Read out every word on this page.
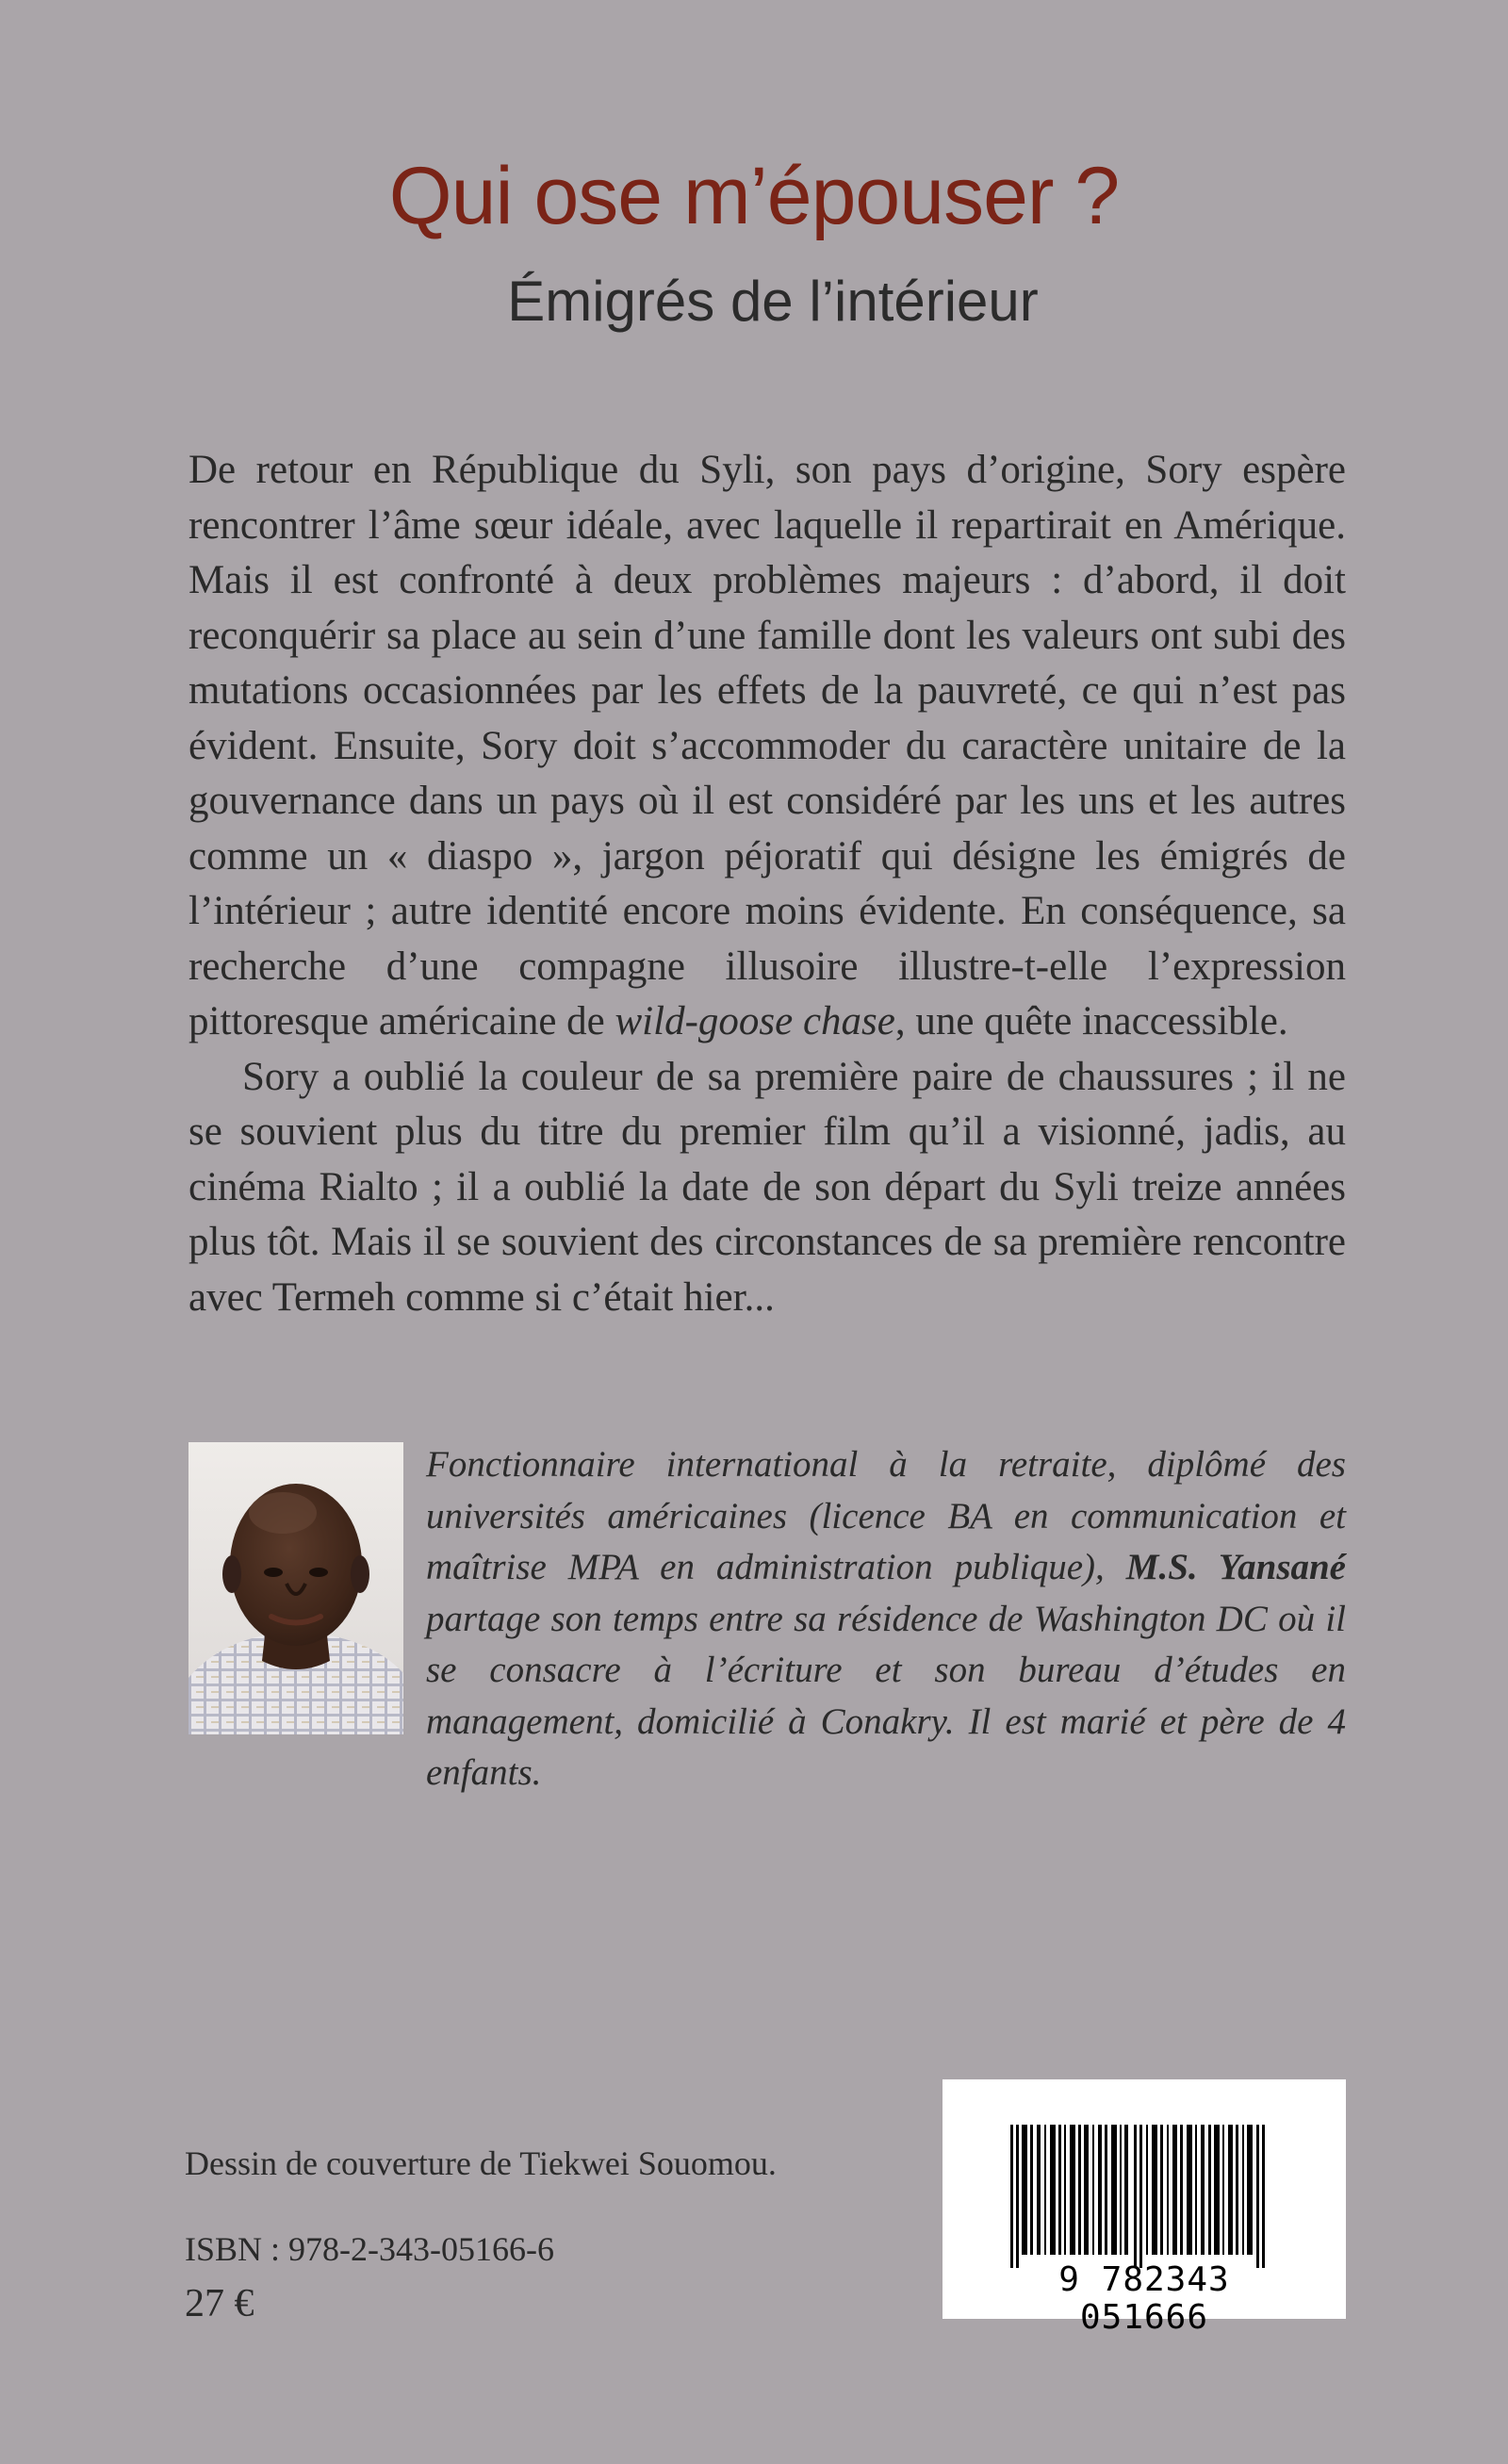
Qui ose m’épouser ?
Émigrés de l’intérieur

De retour en République du Syli, son pays d’origine, Sory espère rencontrer l’âme sœur idéale, avec laquelle il repartirait en Amérique. Mais il est confronté à deux problèmes majeurs : d’abord, il doit reconquérir sa place au sein d’une famille dont les valeurs ont subi des mutations occasionnées par les effets de la pauvreté, ce qui n’est pas évident. Ensuite, Sory doit s’accommoder du caractère unitaire de la gouvernance dans un pays où il est considéré par les uns et les autres comme un « diaspo », jargon péjoratif qui désigne les émigrés de l’intérieur ; autre identité encore moins évidente. En conséquence, sa recherche d’une compagne illusoire illustre-t-elle l’expression pittoresque américaine de wild-goose chase, une quête inaccessible.

Sory a oublié la couleur de sa première paire de chaussures ; il ne se souvient plus du titre du premier film qu’il a visionné, jadis, au cinéma Rialto ; il a oublié la date de son départ du Syli treize années plus tôt. Mais il se souvient des circonstances de sa première rencontre avec Termeh comme si c’était hier...

Fonctionnaire international à la retraite, diplômé des universités américaines (licence BA en communication et maîtrise MPA en administration publique), M.S. Yansané partage son temps entre sa résidence de Washington DC où il se consacre à l’écriture et son bureau d’études en management, domicilié à Conakry. Il est marié et père de 4 enfants.
Dessin de couverture de Tiekwei Souomou.
ISBN : 978-2-343-05166-6
27 €
9 782343 051666
